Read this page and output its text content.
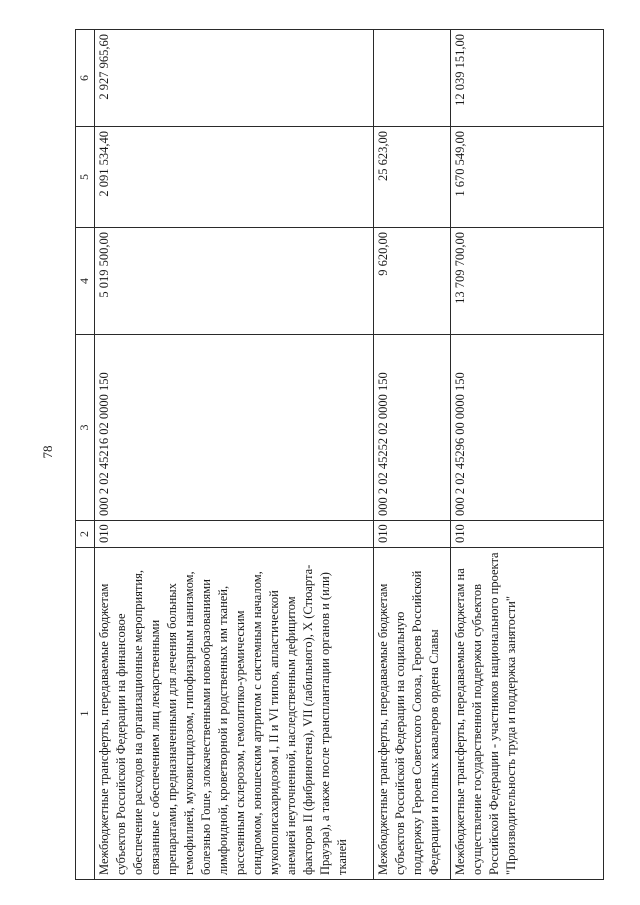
78
1	2	3	4	5	6
Межбюджетные трансферты, передаваемые бюджетам субъектов Российской Федерации на финансовое обеспечение расходов на организационные мероприятия, связанные с обеспечением лиц лекарственными препаратами, предназначенными для лечения больных гемофилией, муковисцидозом, гипофизарным нанизмом, болезнью Гоше, злокачественными новообразованиями лимфоидной, кроветворной и родственных им тканей, рассеянным склерозом, гемолитико-уремическим синдромом, юношеским артритом с системным началом, мукополисахаридозом I, II и VI типов, апластической анемией неуточненной, наследственным дефицитом факторов II (фибриногена), VII (лабильного), X (Стюарта-Прауэра), а также после трансплантации органов и (или) тканей	010	000 2 02 45216 02 0000 150	5 019 500,00	2 091 534,40	2 927 965,60
Межбюджетные трансферты, передаваемые бюджетам субъектов Российской Федерации на социальную поддержку Героев Советского Союза, Героев Российской Федерации и полных кавалеров ордена Славы	010	000 2 02 45252 02 0000 150	9 620,00	25 623,00	
Межбюджетные трансферты, передаваемые бюджетам на осуществление государственной поддержки субъектов Российской Федерации - участников национального проекта "Производительность труда и поддержка занятости"	010	000 2 02 45296 00 0000 150	13 709 700,00	1 670 549,00	12 039 151,00
